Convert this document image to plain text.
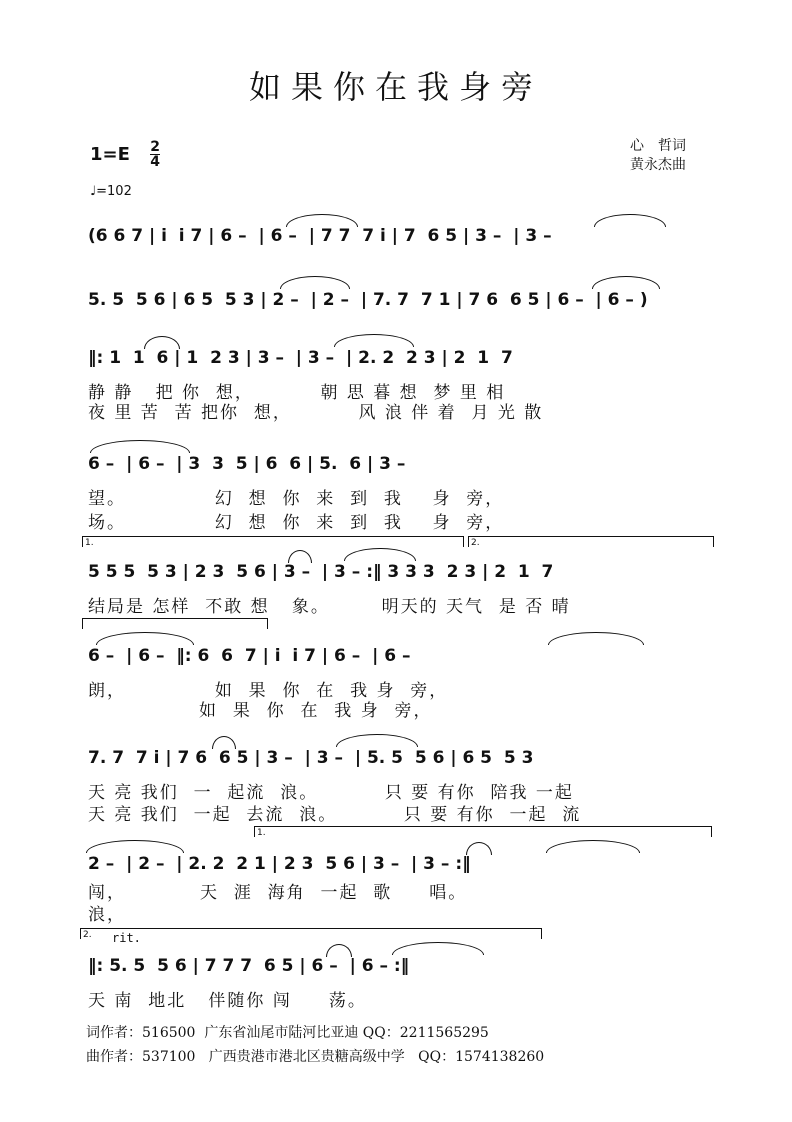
如果你在我身旁
$1=E \frac{2}{4}$
♩=102
心　哲词
黄永杰曲
(6 6 7 | i  i 7 | 6 –  | 6 –  | 7 7  7 i | 7  6 5 | 3 –  | 3 –
5. 5  5 6 | 6 5  5 3 | 2 –  | 2 –  | 7. 7  7 1 | 7 6  6 5 | 6 –  | 6 – )
‖: 1  1  6 | 1  2 3 | 3 –  | 3 –  | 2. 2  2 3 | 2  1  7
静 静   把 你  想，         朝 思 暮 想  梦 里 相
夜 里 苦  苦 把你  想，         风 浪 伴 着  月 光 散
6 –  | 6 –  | 3  3  5 | 6  6 | 5.  6 | 3 –
望。            幻  想  你  来  到  我    身  旁，
场。            幻  想  你  来  到  我    身  旁，
1.	2.
5 5 5  5 3 | 2 3  5 6 | 3 –  | 3 – :‖ 3 3 3  2 3 | 2  1  7
结局是 怎样  不敢 想   象。       明天的 天气  是 否 晴
6 –  | 6 –  ‖: 6  6  7 | i  i 7 | 6 –  | 6 –
朗，            如  果  你  在  我 身  旁，
如  果  你  在  我 身  旁，
7. 7  7 i | 7 6  6 5 | 3 –  | 3 –  | 5. 5  5 6 | 6 5  5 3
天 亮 我们  一  起流  浪。         只 要 有你  陪我 一起
天 亮 我们  一起  去流  浪。         只 要 有你  一起  流
1.
2 –  | 2 –  | 2. 2  2 1 | 2 3  5 6 | 3 –  | 3 – :‖
闯，          天  涯  海角  一起  歌     唱。
浪，
2. rit.
‖: 5. 5  5 6 | 7 7 7  6 5 | 6 –  | 6 – :‖
天 南  地北   伴随你 闯     荡。
词作者：516500  广东省汕尾市陆河比亚迪 QQ：2211565295
曲作者：537100   广西贵港市港北区贵糖高级中学   QQ：1574138260
